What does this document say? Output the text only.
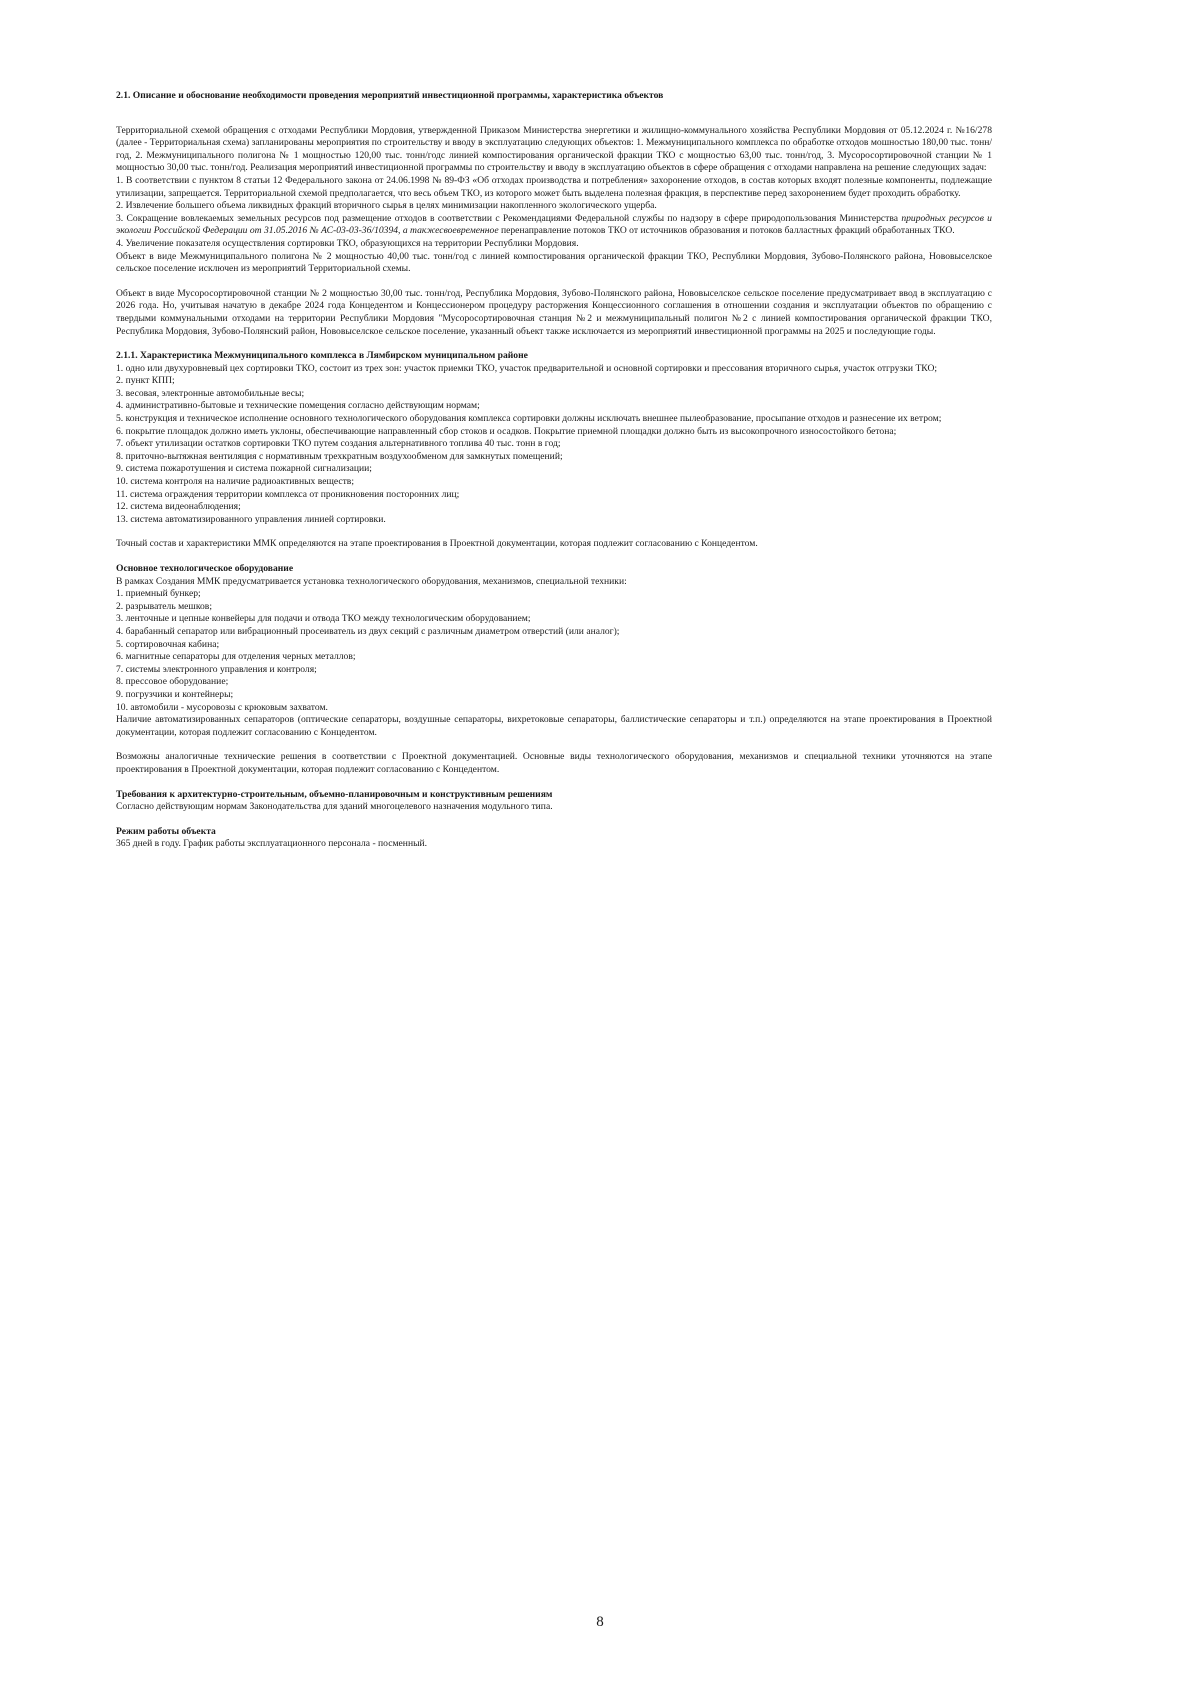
2.1. Описание и обоснование необходимости проведения мероприятий инвестиционной программы, характеристика объектов

Территориальной схемой обращения с отходами Республики Мордовия, утвержденной Приказом Министерства энергетики и жилищно-коммунального хозяйства Республики Мордовия от 05.12.2024 г. №16/278 (далее - Территориальная схема) запланированы мероприятия по строительству и вводу в эксплуатацию следующих объектов: 1. Межмуниципального комплекса по обработке отходов мошностью 180,00 тыс. тонн/год, 2. Межмуниципального полигона № 1 мощностью 120,00 тыс. тонн/годс линией компостирования органической фракции ТКО с мощностью 63,00 тыс. тонн/год, 3. Мусоросортировочной станции № 1 мощностью 30,00 тыс. тонн/год. Реализация мероприятий инвестиционной программы по строительству и вводу в эксплуатацию объектов в сфере обращения с отходами направлена на решение следующих задач:

1. В соответствии с пунктом 8 статьи 12 Федерального закона от 24.06.1998 № 89-ФЗ «Об отходах производства и потребления» захоронение отходов, в состав которых входят полезные компоненты, подлежащие утилизации, запрещается. Территориальной схемой предполагается, что весь объем ТКО, из которого может быть выделена полезная фракция, в перспективе перед захоронением будет проходить обработку.

2. Извлечение большего объема ликвидных фракций вторичного сырья в целях минимизации накопленного экологического ущерба.

3. Сокращение вовлекаемых земельных ресурсов под размещение отходов в соответствии с Рекомендациями Федеральной службы по надзору в сфере природопользования Министерства природных ресурсов и экологии Российской Федерации от 31.05.2016 № АС-03-03-36/10394, а такжесвоевременное перенаправление потоков ТКО от источников образования и потоков балластных фракций обработанных ТКО.

4. Увеличение показателя осуществления сортировки ТКО, образующихся на территории Республики Мордовия.

Объект в виде Межмуниципального полигона № 2 мощностью 40,00 тыс. тонн/год с линией компостирования органической фракции ТКО, Республики Мордовия, Зубово-Полянского района, Нововыселское сельское поселение исключен из мероприятий Территориальной схемы.

Объект в виде Мусоросортировочной станции № 2 мощностью 30,00 тыс. тонн/год, Республика Мордовия, Зубово-Полянского района, Нововыселское сельское поселение предусматривает ввод в эксплуатацию с 2026 года. Но, учитывая начатую в декабре 2024 года Концедентом и Концессионером процедуру расторжения Концессионного соглашения в отношении создания и эксплуатации объектов по обращению с твердыми коммунальными отходами на территории Республики Мордовия "Мусоросортировочная станция №2 и межмуниципальный полигон №2 с линией компостирования органической фракции ТКО, Республика Мордовия, Зубово-Полянский район, Нововыселское сельское поселение, указанный объект также исключается из мероприятий инвестиционной программы на 2025 и последующие годы.

2.1.1. Характеристика Межмуниципального комплекса в Лямбирском муниципальном районе

1. одно или двухуровневый цех сортировки ТКО, состоит из трех зон: участок приемки ТКО, участок предварительной и основной сортировки и прессования вторичного сырья, участок отгрузки ТКО;

2. пункт КПП;

3. весовая, электронные автомобильные весы;

4. административно-бытовые и технические помещения согласно действующим нормам;

5. конструкция и техническое исполнение основного технологического оборудования комплекса сортировки должны исключать внешнее пылеобразование, просыпание отходов и разнесение их ветром;

6. покрытие площадок должно иметь уклоны, обеспечивающие направленный сбор стоков и осадков. Покрытие приемной площадки должно быть из высокопрочного износостойкого бетона;

7. объект утилизации остатков сортировки ТКО путем создания альтернативного топлива 40 тыс. тонн в год;

8. приточно-вытяжная вентиляция с нормативным трехкратным воздухообменом для замкнутых помещений;

9. система пожаротушения и система пожарной сигнализации;

10. система контроля на наличие радиоактивных веществ;

11. система ограждения территории комплекса от проникновения посторонних лиц;

12. система видеонаблюдения;

13. система автоматизированного управления линией сортировки.

Точный состав и характеристики ММК определяются на этапе проектирования в Проектной документации, которая подлежит согласованию с Концедентом.

Основное технологическое оборудование

В рамках Создания ММК предусматривается установка технологического оборудования, механизмов, специальной техники:

1. приемный бункер;

2. разрыватель мешков;

3. ленточные и цепные конвейеры для подачи и отвода ТКО между технологическим оборудованием;

4. барабанный сепаратор или вибрационный просеиватель из двух секций с различным диаметром отверстий (или аналог);

5. сортировочная кабина;

6. магнитные сепараторы для отделения черных металлов;

7. системы электронного управления и контроля;

8. прессовое оборудование;

9. погрузчики и контейнеры;

10. автомобили - мусоровозы с крюковым захватом.

Наличие автоматизированных сепараторов (оптические сепараторы, воздушные сепараторы, вихретоковые сепараторы, баллистические сепараторы и т.п.) определяются на этапе проектирования в Проектной документации, которая подлежит согласованию с Концедентом.

Возможны аналогичные технические решения в соответствии с Проектной документацией. Основные виды технологического оборудования, механизмов и специальной техники уточняются на этапе проектирования в Проектной документации, которая подлежит согласованию с Концедентом.

Требования к архитектурно-строительным, объемно-планировочным и конструктивным решениям

Согласно действующим нормам Законодательства для зданий многоцелевого назначения модульного типа.

Режим работы объекта

365 дней в году. График работы эксплуатационного персонала - посменный.

8
